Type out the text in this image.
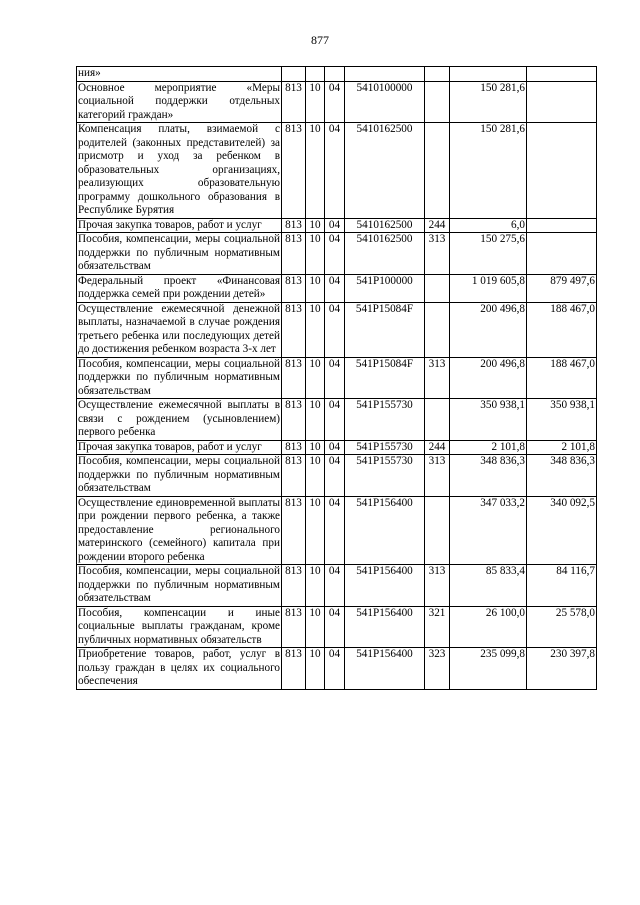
877
ния»							
Основное мероприятие «Меры социальной поддержки отдельных категорий граждан»	813	10	04	5410100000		150 281,6	
Компенсация платы, взимаемой с родителей (законных представителей) за присмотр и уход за ребенком в образовательных организациях, реализующих образовательную программу дошкольного образования в Республике Бурятия	813	10	04	5410162500		150 281,6	
Прочая закупка товаров, работ и услуг	813	10	04	5410162500	244	6,0	
Пособия, компенсации, меры социальной поддержки по публичным нормативным обязательствам	813	10	04	5410162500	313	150 275,6	
Федеральный проект «Финансовая поддержка семей при рождении детей»	813	10	04	541P100000		1 019 605,8	879 497,6
Осуществление ежемесячной денежной выплаты, назначаемой в случае рождения третьего ребенка или последующих детей до достижения ребенком возраста 3-х лет	813	10	04	541P15084F		200 496,8	188 467,0
Пособия, компенсации, меры социальной поддержки по публичным нормативным обязательствам	813	10	04	541P15084F	313	200 496,8	188 467,0
Осуществление ежемесячной выплаты в связи с рождением (усыновлением) первого ребенка	813	10	04	541P155730		350 938,1	350 938,1
Прочая закупка товаров, работ и услуг	813	10	04	541P155730	244	2 101,8	2 101,8
Пособия, компенсации, меры социальной поддержки по публичным нормативным обязательствам	813	10	04	541P155730	313	348 836,3	348 836,3
Осуществление единовременной выплаты при рождении первого ребенка, а также предоставление регионального материнского (семейного) капитала при рождении второго ребенка	813	10	04	541P156400		347 033,2	340 092,5
Пособия, компенсации, меры социальной поддержки по публичным нормативным обязательствам	813	10	04	541P156400	313	85 833,4	84 116,7
Пособия, компенсации и иные социальные выплаты гражданам, кроме публичных нормативных обязательств	813	10	04	541P156400	321	26 100,0	25 578,0
Приобретение товаров, работ, услуг в пользу граждан в целях их социального обеспечения	813	10	04	541P156400	323	235 099,8	230 397,8
